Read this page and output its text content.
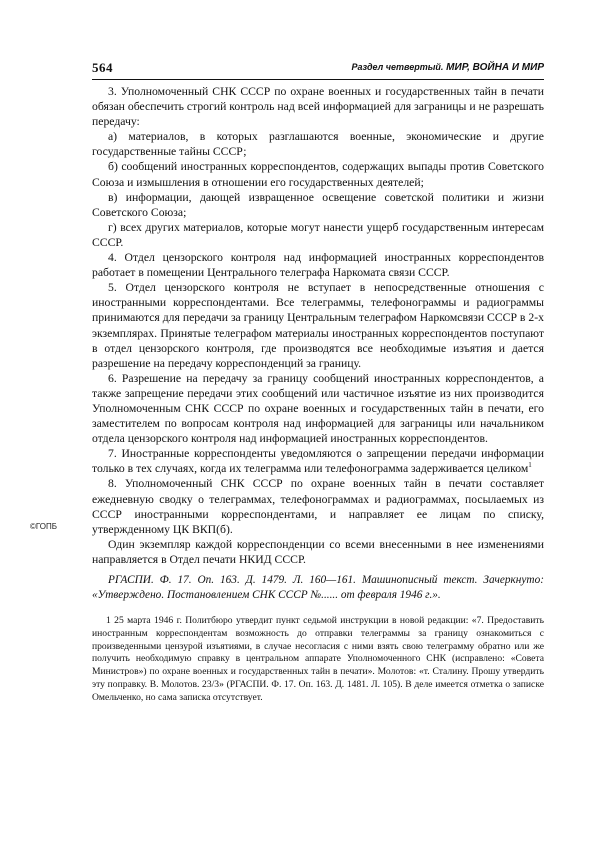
564	Раздел четвертый. МИР, ВОЙНА И МИР
©ГОПБ

3. Уполномоченный СНК СССР по охране военных и государственных тайн в печати обязан обеспечить строгий контроль над всей информацией для заграницы и не разрешать передачу:

а) материалов, в которых разглашаются военные, экономические и другие государственные тайны СССР;

б) сообщений иностранных корреспондентов, содержащих выпады против Советского Союза и измышления в отношении его государственных деятелей;

в) информации, дающей извращенное освещение советской политики и жизни Советского Союза;

г) всех других материалов, которые могут нанести ущерб государственным интересам СССР.

4. Отдел цензорского контроля над информацией иностранных корреспондентов работает в помещении Центрального телеграфа Наркомата связи СССР.

5. Отдел цензорского контроля не вступает в непосредственные отношения с иностранными корреспондентами. Все телеграммы, телефонограммы и радиограммы принимаются для передачи за границу Центральным телеграфом Наркомсвязи СССР в 2-х экземплярах. Принятые телеграфом материалы иностранных корреспондентов поступают в отдел цензорского контроля, где производятся все необходимые изъятия и дается разрешение на передачу корреспонденций за границу.

6. Разрешение на передачу за границу сообщений иностранных корреспондентов, а также запрещение передачи этих сообщений или частичное изъятие из них производится Уполномоченным СНК СССР по охране военных и государственных тайн в печати, его заместителем по вопросам контроля над информацией для заграницы или начальником отдела цензорского контроля над информацией иностранных корреспондентов.

7. Иностранные корреспонденты уведомляются о запрещении передачи информации только в тех случаях, когда их телеграмма или телефонограмма задерживается целиком$^1$

8. Уполномоченный СНК СССР по охране военных тайн в печати составляет ежедневную сводку о телеграммах, телефонограммах и радиограммах, посылаемых из СССР иностранными корреспондентами, и направляет ее лицам по списку, утвержденному ЦК ВКП(б).

Один экземпляр каждой корреспонденции со всеми внесенными в нее изменениями направляется в Отдел печати НКИД СССР.

РГАСПИ. Ф. 17. Оп. 163. Д. 1479. Л. 160—161. Машинописный текст. Зачеркнуто: «Утверждено. Постановлением СНК СССР №...... от февраля 1946 г.».

1 25 марта 1946 г. Политбюро утвердит пункт седьмой инструкции в новой редакции: «7. Предоставить иностранным корреспондентам возможность до отправки телеграммы за границу ознакомиться с произведенными цензурой изъятиями, в случае несогласия с ними взять свою телеграмму обратно или же получить необходимую справку в центральном аппарате Уполномоченного СНК (исправлено: «Совета Министров») по охране военных и государственных тайн в печати». Молотов: «т. Сталину. Прошу утвердить эту поправку. В. Молотов. 23/3» (РГАСПИ. Ф. 17. Оп. 163. Д. 1481. Л. 105). В деле имеется отметка о записке Омельченко, но сама записка отсутствует.
